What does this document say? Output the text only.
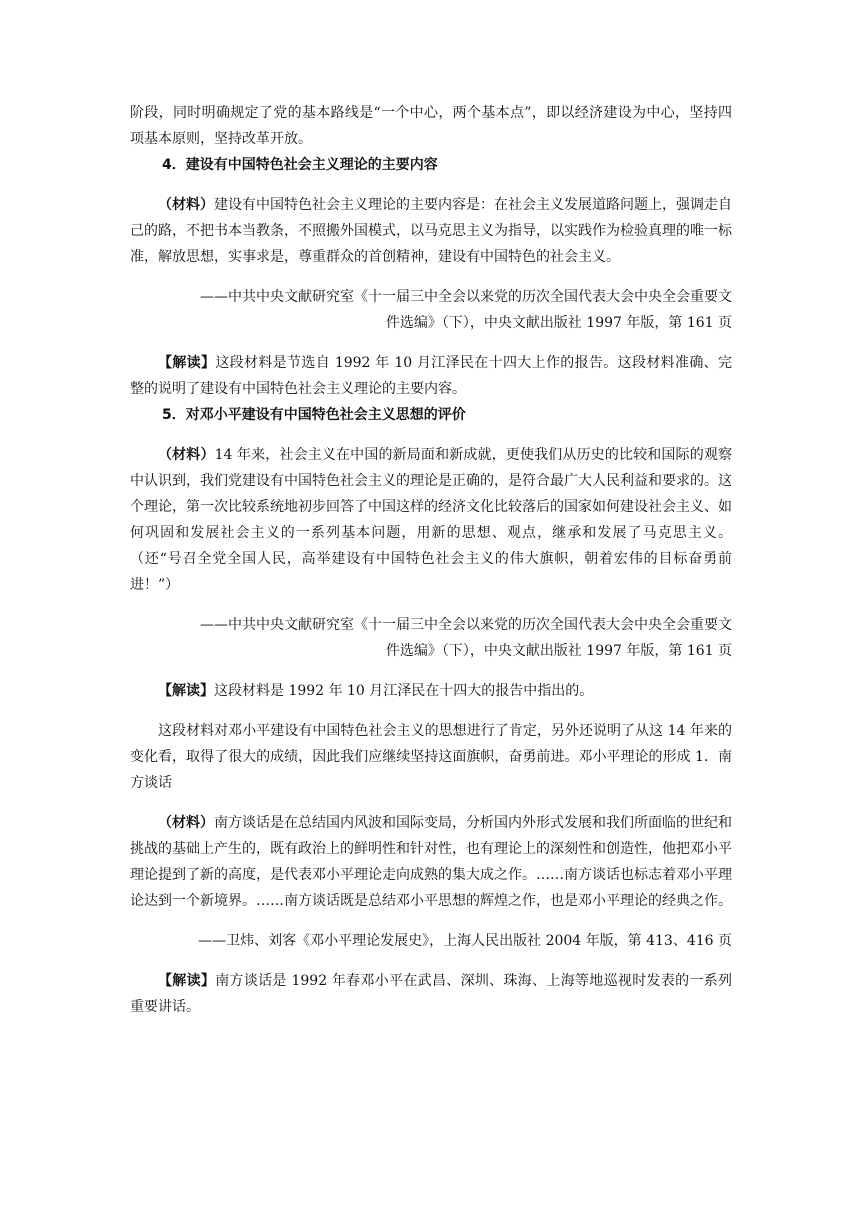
阶段，同时明确规定了党的基本路线是“一个中心，两个基本点”，即以经济建设为中心，坚持四项基本原则，坚持改革开放。

4．建设有中国特色社会主义理论的主要内容

（材料）建设有中国特色社会主义理论的主要内容是：在社会主义发展道路问题上，强调走自己的路，不把书本当教条，不照搬外国模式，以马克思主义为指导，以实践作为检验真理的唯一标准，解放思想，实事求是，尊重群众的首创精神，建设有中国特色的社会主义。

——中共中央文献研究室《十一届三中全会以来党的历次全国代表大会中央全会重要文

件选编》（下），中央文献出版社 1997 年版，第 161 页

【解读】这段材料是节选自 1992 年 10 月江泽民在十四大上作的报告。这段材料准确、完整的说明了建设有中国特色社会主义理论的主要内容。

5．对邓小平建设有中国特色社会主义思想的评价

（材料）14 年来，社会主义在中国的新局面和新成就，更使我们从历史的比较和国际的观察中认识到，我们党建设有中国特色社会主义的理论是正确的，是符合最广大人民利益和要求的。这个理论，第一次比较系统地初步回答了中国这样的经济文化比较落后的国家如何建设社会主义、如何巩固和发展社会主义的一系列基本问题，用新的思想、观点，继承和发展了马克思主义。（还“号召全党全国人民，高举建设有中国特色社会主义的伟大旗帜，朝着宏伟的目标奋勇前进！”）

——中共中央文献研究室《十一届三中全会以来党的历次全国代表大会中央全会重要文

件选编》（下），中央文献出版社 1997 年版，第 161 页

【解读】这段材料是 1992 年 10 月江泽民在十四大的报告中指出的。

这段材料对邓小平建设有中国特色社会主义的思想进行了肯定，另外还说明了从这 14 年来的变化看，取得了很大的成绩，因此我们应继续坚持这面旗帜，奋勇前进。邓小平理论的形成 1．南方谈话

（材料）南方谈话是在总结国内风波和国际变局，分析国内外形式发展和我们所面临的世纪和挑战的基础上产生的，既有政治上的鲜明性和针对性，也有理论上的深刻性和创造性，他把邓小平理论提到了新的高度，是代表邓小平理论走向成熟的集大成之作。……南方谈话也标志着邓小平理论达到一个新境界。……南方谈话既是总结邓小平思想的辉煌之作，也是邓小平理论的经典之作。

——卫炜、刘客《邓小平理论发展史》，上海人民出版社 2004 年版，第 413、416 页

【解读】南方谈话是 1992 年春邓小平在武昌、深圳、珠海、上海等地巡视时发表的一系列重要讲话。
